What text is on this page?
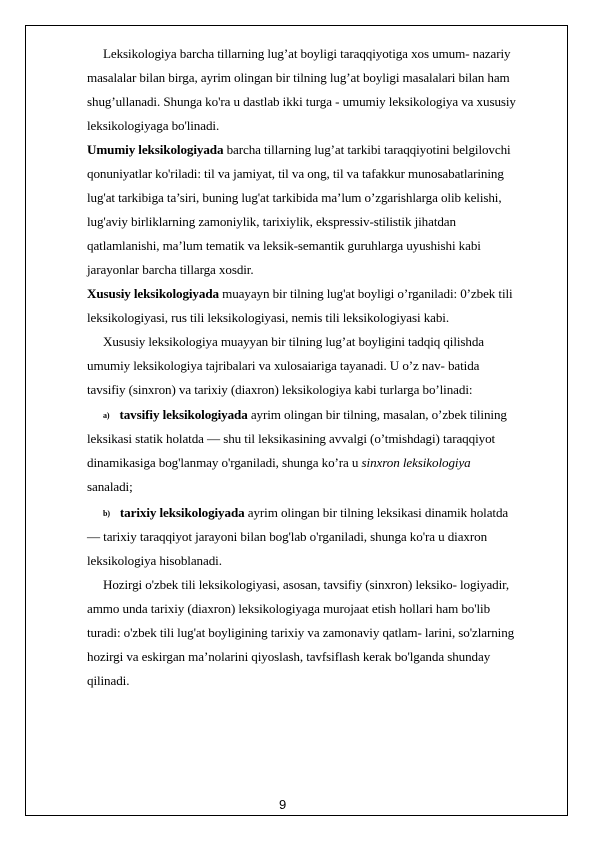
Leksikologiya barcha tillarning lug’at boyligi taraqqiyotiga xos umum- nazariy
masalalar bilan birga, ayrim olingan bir tilning lug’at boyligi masalalari bilan ham
shug’ullanadi. Shunga ko'ra u dastlab ikki turga - umumiy leksikologiya va xususiy
leksikologiyaga bo'linadi.
Umumiy leksikologiyada barcha tillarning lug’at tarkibi taraqqiyotini belgilovchi
qonuniyatlar ko'riladi: til va jamiyat, til va ong, til va tafakkur munosabatlarining
lug'at tarkibiga ta’siri, buning lug'at tarkibida ma’lum o’zgarishlarga olib kelishi,
lug'aviy birliklarning zamoniylik, tarixiylik, ekspressiv-stilistik jihatdan
qatlamlanishi, ma’lum tematik va leksik-semantik guruhlarga uyushishi kabi
jarayonlar barcha tillarga xosdir.
Xususiy leksikologiyada muayayn bir tilning lug'at boyligi o’rganiladi: 0’zbek tili
leksikologiyasi, rus tili leksikologiyasi, nemis tili leksikologiyasi kabi.
Xususiy leksikologiya muayyan bir tilning lug’at boyligini tadqiq qilishda
umumiy leksikologiya tajribalari va xulosaiariga tayanadi. U o’z nav- batida
tavsifiy (sinxron) va tarixiy (diaxron) leksikologiya kabi turlarga bo’linadi:
a) tavsifiy leksikologiyada ayrim olingan bir tilning, masalan, o’zbek tilining
leksikasi statik holatda — shu til leksikasining avvalgi (o’tmishdagi) taraqqiyot
dinamikasiga bog'lanmay o'rganiladi, shunga ko’ra u sinxron leksikologiya
sanaladi;
b) tarixiy leksikologiyada ayrim olingan bir tilning leksikasi dinamik holatda
— tarixiy taraqqiyot jarayoni bilan bog'lab o'rganiladi, shunga ko'ra u diaxron
leksikologiya hisoblanadi.
Hozirgi o'zbek tili leksikologiyasi, asosan, tavsifiy (sinxron) leksiko- logiyadir,
ammo unda tarixiy (diaxron) leksikologiyaga murojaat etish hollari ham bo'lib
turadi: o'zbek tili lug'at boyligining tarixiy va zamonaviy qatlam- larini, so'zlarning
hozirgi va eskirgan ma’nolarini qiyoslash, tavfsiflash kerak bo'lganda shunday
qilinadi.
9
